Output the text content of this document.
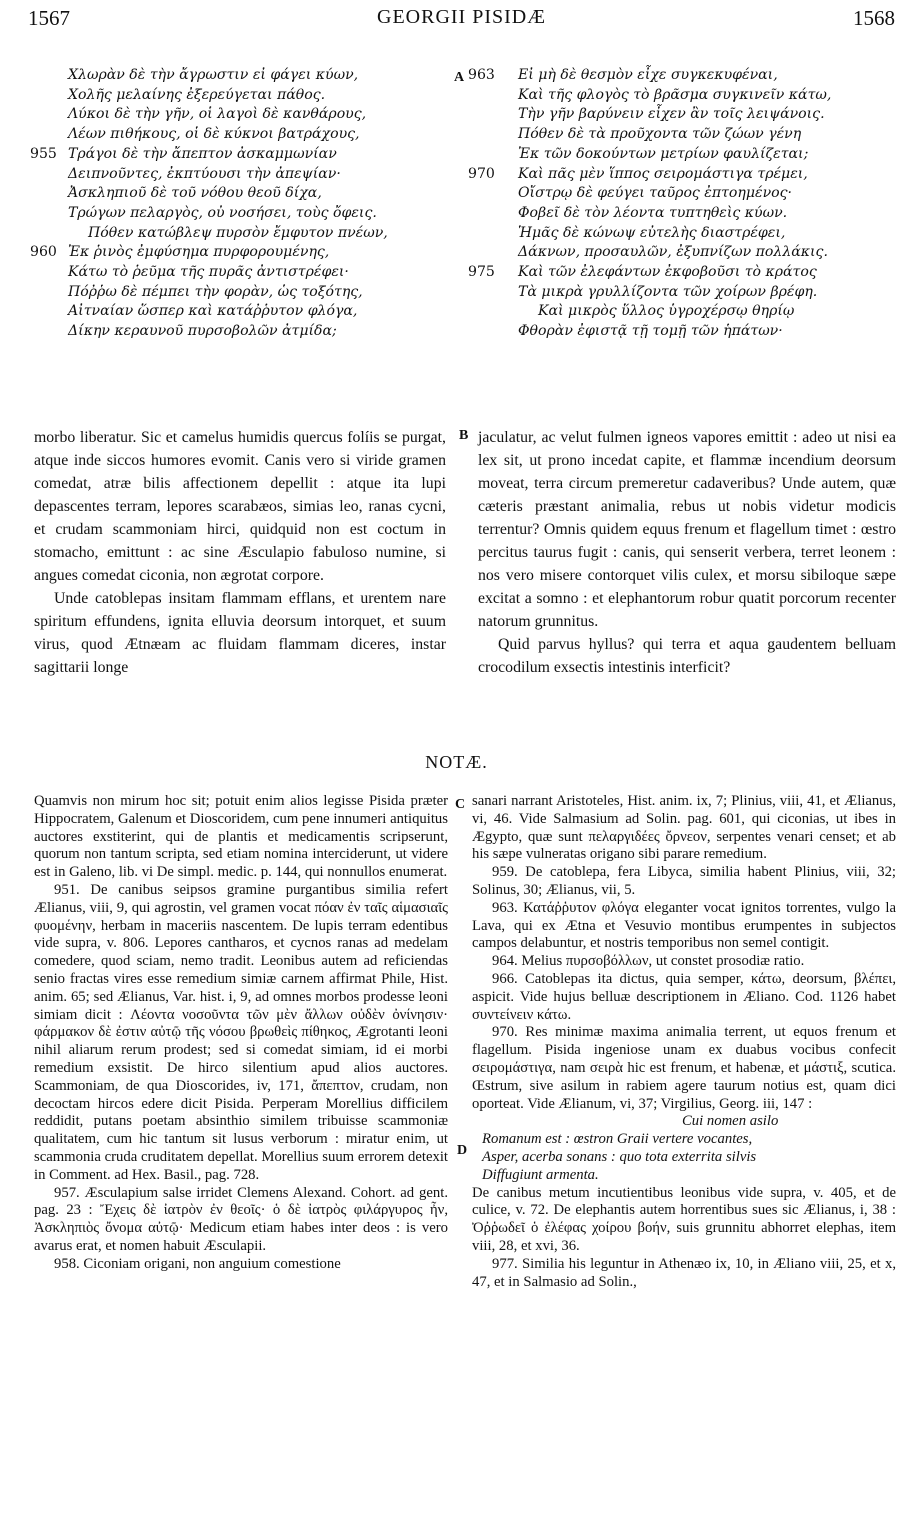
1567	GEORGII PISIDÆ	1568
Χλωρὰν δὲ τὴν ἄγρωστιν εἰ φάγει κύων,
Χολῆς μελαίνης ἐξερεύγεται πάθος.
Λύκοι δὲ τὴν γῆν, οἱ λαγοὶ δὲ κανθάρους,
Λέων πιθήκους, οἱ δὲ κύκνοι βατράχους,
955 Τράγοι δὲ τὴν ἄπεπτον ἀσκαμμωνίαν
Δειπνοῦντες, ἐκπτύουσι τὴν ἀπεψίαν·
Ἀσκληπιοῦ δὲ τοῦ νόθου θεοῦ δίχα,
Τρώγων πελαργὸς, οὐ νοσήσει, τοὺς ὄφεις.
Πόθεν κατώβλεψ πυρσὸν ἔμφυτον πνέων,
960 Ἐκ ῥινὸς ἐμφύσημα πυρφορουμένης,
Κάτω τὸ ῥεῦμα τῆς πυρᾶς ἀντιστρέφει·
Πόῤῥω δὲ πέμπει τὴν φορὰν, ὡς τοξότης,
Αἰτναίαν ὥσπερ καὶ κατάῤῥυτον φλόγα,
Δίκην κεραυνοῦ πυρσοβολῶν ἀτμίδα;
963	Εἰ μὴ δὲ θεσμὸν εἶχε συγκεκυφέναι,
Καὶ τῆς φλογὸς τὸ βρᾶσμα συγκινεῖν κάτω,
Τὴν γῆν βαρύνειν εἶχεν ἂν τοῖς λειψάνοις.
Πόθεν δὲ τὰ προῦχοντα τῶν ζώων γένη
Ἐκ τῶν δοκούντων μετρίων φαυλίζεται;
970	Καὶ πᾶς μὲν ἵππος σειρομάστιγα τρέμει,
Οἴστρῳ δὲ φεύγει ταῦρος ἐπτοημένος·
Φοβεῖ δὲ τὸν λέοντα τυπτηθεὶς κύων.
Ἡμᾶς δὲ κώνωψ εὐτελὴς διαστρέφει,
Δάκνων, προσαυλῶν, ἐξυπνίζων πολλάκις.
975	Καὶ τῶν ἐλεφάντων ἐκφοβοῦσι τὸ κράτος
Τὰ μικρὰ γρυλλίζοντα τῶν χοίρων βρέφη.
Καὶ μικρὸς ὕλλος ὑγροχέρσῳ θηρίῳ
Φθορὰν ἐφιστᾷ τῇ τομῇ τῶν ἡπάτων·
A
B
C
D

morbo liberatur. Sic et camelus humidis quercus folíis se purgat, atque inde siccos humores evomit. Canis vero si viride gramen comedat, atræ bilis affectionem depellit : atque ita lupi depascentes terram, lepores scarabæos, simias leo, ranas cycni, et crudam scammoniam hirci, quidquid non est coctum in stomacho, emittunt : ac sine Æsculapio fabuloso numine, si angues comedat ciconia, non ægrotat corpore.

Unde catoblepas insitam flammam efflans, et urentem nare spiritum effundens, ignita elluvia deorsum intorquet, et suum virus, quod Ætnæam ac fluidam flammam diceres, instar sagittarii longe

jaculatur, ac velut fulmen igneos vapores emittit : adeo ut nisi ea lex sit, ut prono incedat capite, et flammæ incendium deorsum moveat, terra circum premeretur cadaveribus? Unde autem, quæ cæteris præstant animalia, rebus ut nobis videtur modicis terrentur? Omnis quidem equus frenum et flagellum timet : œstro percitus taurus fugit : canis, qui senserit verbera, terret leonem : nos vero misere contorquet vilis culex, et morsu sibiloque sæpe excitat a somno : et elephantorum robur quatit porcorum recenter natorum grunnitus.

Quid parvus hyllus? qui terra et aqua gaudentem belluam crocodilum exsectis intestinis interficit?

NOTÆ.

Quamvis non mirum hoc sit; potuit enim alios legisse Pisida præter Hippocratem, Galenum et Dioscoridem, cum pene innumeri antiquitus auctores exstiterint, qui de plantis et medicamentis scripserunt, quorum non tantum scripta, sed etiam nomina interciderunt, ut videre est in Galeno, lib. vi De simpl. medic. p. 144, qui nonnullos enumerat.

951. De canibus seipsos gramine purgantibus similia refert Ælianus, viii, 9, qui agrostin, vel gramen vocat πόαν ἐν ταῖς αἱμασιαῖς φυομένην, herbam in maceriis nascentem. De lupis terram edentibus vide supra, v. 806. Lepores cantharos, et cycnos ranas ad medelam comedere, quod sciam, nemo tradit. Leonibus autem ad reficiendas senio fractas vires esse remedium simiæ carnem affirmat Phile, Hist. anim. 65; sed Ælianus, Var. hist. i, 9, ad omnes morbos prodesse leoni simiam dicit : Λέοντα νοσοῦντα τῶν μὲν ἄλλων οὐδὲν ὀνίνησιν· φάρμακον δὲ ἐστιν αὐτῷ τῆς νόσου βρωθεὶς πίθηκος, Ægrotanti leoni nihil aliarum rerum prodest; sed si comedat simiam, id ei morbi remedium exsistit. De hirco silentium apud alios auctores. Scammoniam, de qua Dioscorides, iv, 171, ἄπεπτον, crudam, non decoctam hircos edere dicit Pisida. Perperam Morellius difficilem reddidit, putans poetam absinthio similem tribuisse scammoniæ qualitatem, cum hic tantum sit lusus verborum : miratur enim, ut scammonia cruda cruditatem depellat. Morellius suum errorem detexit in Comment. ad Hex. Basil., pag. 728.

957. Æsculapium salse irridet Clemens Alexand. Cohort. ad gent. pag. 23 : Ἔχεις δὲ ἰατρὸν ἐν θεοῖς· ὁ δὲ ἰατρὸς φιλάργυρος ἦν, Ἀσκληπιὸς ὄνομα αὐτῷ· Medicum etiam habes inter deos : is vero avarus erat, et nomen habuit Æsculapii.

958. Ciconiam origani, non anguium comestione

sanari narrant Aristoteles, Hist. anim. ix, 7; Plinius, viii, 41, et Ælianus, vi, 46. Vide Salmasium ad Solin. pag. 601, qui ciconias, ut ibes in Ægypto, quæ sunt πελαργιδέες ὄρνεον, serpentes venari censet; et ab his sæpe vulneratas origano sibi parare remedium.

959. De catoblepa, fera Libyca, similia habent Plinius, viii, 32; Solinus, 30; Ælianus, vii, 5.

963. Κατάῤῥυτον φλόγα eleganter vocat ignitos torrentes, vulgo la Lava, qui ex Ætna et Vesuvio montibus erumpentes in subjectos campos delabuntur, et nostris temporibus non semel contigit.

964. Melius πυρσοβόλλων, ut constet prosodiæ ratio.

966. Catoblepas ita dictus, quia semper, κάτω, deorsum, βλέπει, aspicit. Vide hujus belluæ descriptionem in Æliano. Cod. 1126 habet συντείνειν κάτω.

970. Res minimæ maxima animalia terrent, ut equos frenum et flagellum. Pisida ingeniose unam ex duabus vocibus confecit σειρομάστιγα, nam σειρὰ hic est frenum, et habenæ, et μάστιξ, scutica. Œstrum, sive asilum in rabiem agere taurum notius est, quam dici oporteat. Vide Ælianum, vi, 37; Virgilius, Georg. iii, 147 :

Cui nomen asilo
Romanum est : œstron Graii vertere vocantes,
Asper, acerba sonans : quo tota exterrita silvis
Diffugiunt armenta.

De canibus metum incutientibus leonibus vide supra, v. 405, et de culice, v. 72. De elephantis autem horrentibus sues sic Ælianus, i, 38 : Ὀῤῥωδεῖ ὁ ἐλέφας χοίρου βοήν, suis grunnitu abhorret elephas, item viii, 28, et xvi, 36.

977. Similia his leguntur in Athenæo ix, 10, in Æliano viii, 25, et x, 47, et in Salmasio ad Solin.,
